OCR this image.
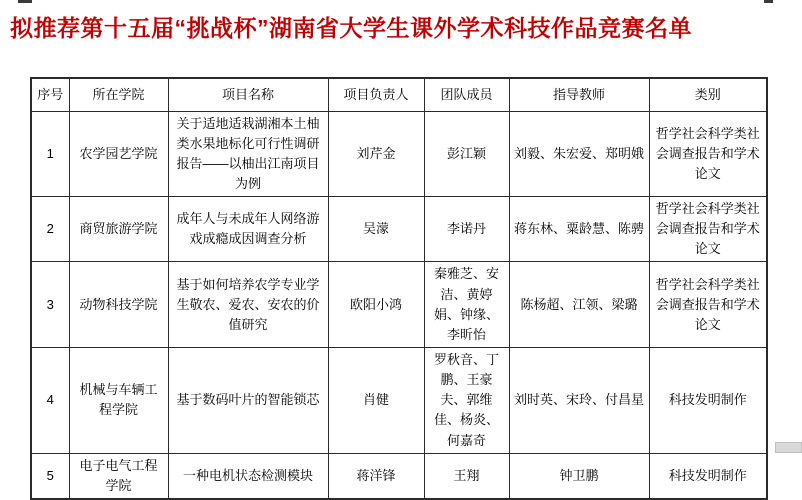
拟推荐第十五届“挑战杯”湖南省大学生课外学术科技作品竞赛名单
序号	所在学院	项目名称	项目负责人	团队成员	指导教师	类别
1	农学园艺学院	关于适地适栽湖湘本土柚类水果地标化可行性调研报告——以柚出江南项目为例	刘芹金	彭江颖	刘毅、朱宏爱、郑明娥	哲学社会科学类社会调查报告和学术论文
2	商贸旅游学院	成年人与未成年人网络游戏成瘾成因调查分析	吴濛	李诺丹	蒋东林、粟龄慧、陈骋	哲学社会科学类社会调查报告和学术论文
3	动物科技学院	基于如何培养农学专业学生敬农、爱农、安农的价值研究	欧阳小鸿	秦雅芝、安洁、黄婷娟、钟缘、李昕怡	陈杨超、江领、梁璐	哲学社会科学类社会调查报告和学术论文
4	机械与车辆工程学院	基于数码叶片的智能锁芯	肖健	罗秋音、丁鹏、王豪夫、郭维佳、杨炎、何嘉奇	刘时英、宋玲、付昌星	科技发明制作
5	电子电气工程学院	一种电机状态检测模块	蒋洋锋	王翔	钟卫鹏	科技发明制作
